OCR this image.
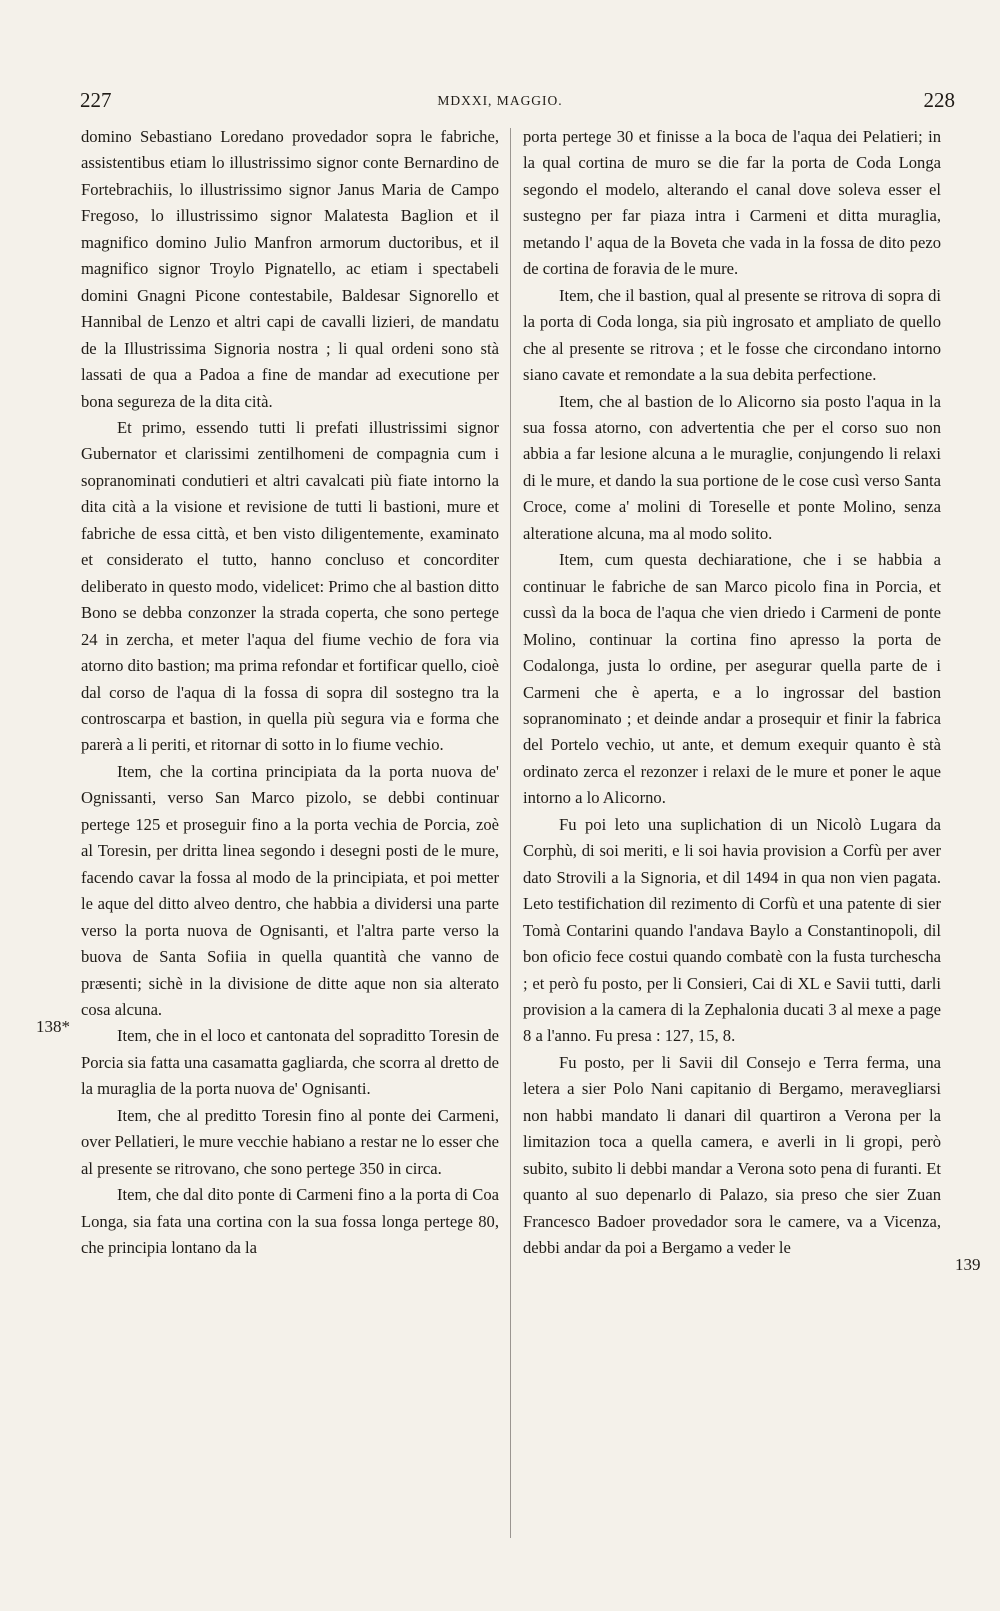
227	MDXXI, MAGGIO.	228
138*
139

domino Sebastiano Loredano provedador sopra le fabriche, assistentibus etiam lo illustrissimo signor conte Bernardino de Fortebrachiis, lo illustrissimo signor Janus Maria de Campo Fregoso, lo illustrissimo signor Malatesta Baglion et il magnifico domino Julio Manfron armorum ductoribus, et il magnifico signor Troylo Pignatello, ac etiam i spectabeli domini Gnagni Picone contestabile, Baldesar Signorello et Hannibal de Lenzo et altri capi de cavalli lizieri, de mandatu de la Illustrissima Signoria nostra ; li qual ordeni sono stà lassati de qua a Padoa a fine de mandar ad executione per bona segureza de la dita cità.

Et primo, essendo tutti li prefati illustrissimi signor Gubernator et clarissimi zentilhomeni de compagnia cum i sopranominati condutieri et altri cavalcati più fiate intorno la dita cità a la visione et revisione de tutti li bastioni, mure et fabriche de essa città, et ben visto diligentemente, examinato et considerato el tutto, hanno concluso et concorditer deliberato in questo modo, videlicet: Primo che al bastion ditto Bono se debba conzonzer la strada coperta, che sono pertege 24 in zercha, et meter l'aqua del fiume vechio de fora via atorno dito bastion; ma prima refondar et fortificar quello, cioè dal corso de l'aqua di la fossa di sopra dil sostegno tra la controscarpa et bastion, in quella più segura via e forma che parerà a li periti, et ritornar di sotto in lo fiume vechio.

Item, che la cortina principiata da la porta nuova de' Ognissanti, verso San Marco pizolo, se debbi continuar pertege 125 et proseguir fino a la porta vechia de Porcia, zoè al Toresin, per dritta linea segondo i desegni posti de le mure, facendo cavar la fossa al modo de la principiata, et poi metter le aque del ditto alveo dentro, che habbia a dividersi una parte verso la porta nuova de Ognisanti, et l'altra parte verso la buova de Santa Sofiia in quella quantità che vanno de præsenti; sichè in la divisione de ditte aque non sia alterato cosa alcuna.

Item, che in el loco et cantonata del sopraditto Toresin de Porcia sia fatta una casamatta gagliarda, che scorra al dretto de la muraglia de la porta nuova de' Ognisanti.

Item, che al preditto Toresin fino al ponte dei Carmeni, over Pellatieri, le mure vecchie habiano a restar ne lo esser che al presente se ritrovano, che sono pertege 350 in circa.

Item, che dal dito ponte di Carmeni fino a la porta di Coa Longa, sia fata una cortina con la sua fossa longa pertege 80, che principia lontano da la

porta pertege 30 et finisse a la boca de l'aqua dei Pelatieri; in la qual cortina de muro se die far la porta de Coda Longa segondo el modelo, alterando el canal dove soleva esser el sustegno per far piaza intra i Carmeni et ditta muraglia, metando l' aqua de la Boveta che vada in la fossa de dito pezo de cortina de foravia de le mure.

Item, che il bastion, qual al presente se ritrova di sopra di la porta di Coda longa, sia più ingrosato et ampliato de quello che al presente se ritrova ; et le fosse che circondano intorno siano cavate et remondate a la sua debita perfectione.

Item, che al bastion de lo Alicorno sia posto l'aqua in la sua fossa atorno, con advertentia che per el corso suo non abbia a far lesione alcuna a le muraglie, conjungendo li relaxi di le mure, et dando la sua portione de le cose cusì verso Santa Croce, come a' molini di Toreselle et ponte Molino, senza alteratione alcuna, ma al modo solito.

Item, cum questa dechiaratione, che i se habbia a continuar le fabriche de san Marco picolo fina in Porcia, et cussì da la boca de l'aqua che vien driedo i Carmeni de ponte Molino, continuar la cortina fino apresso la porta de Codalonga, justa lo ordine, per asegurar quella parte de i Carmeni che è aperta, e a lo ingrossar del bastion sopranominato ; et deinde andar a prosequir et finir la fabrica del Portelo vechio, ut ante, et demum exequir quanto è stà ordinato zerca el rezonzer i relaxi de le mure et poner le aque intorno a lo Alicorno.

Fu poi leto una suplichation di un Nicolò Lugara da Corphù, di soi meriti, e li soi havia provision a Corfù per aver dato Strovili a la Signoria, et dil 1494 in qua non vien pagata. Leto testifichation dil rezimento di Corfù et una patente di sier Tomà Contarini quando l'andava Baylo a Constantinopoli, dil bon oficio fece costui quando combatè con la fusta turchescha ; et però fu posto, per li Consieri, Cai di XL e Savii tutti, darli provision a la camera di la Zephalonia ducati 3 al mexe a page 8 a l'anno. Fu presa : 127, 15, 8.

Fu posto, per li Savii dil Consejo e Terra ferma, una letera a sier Polo Nani capitanio di Bergamo, meravegliarsi non habbi mandato li danari dil quartiron a Verona per la limitazion toca a quella camera, e averli in li gropi, però subito, subito li debbi mandar a Verona soto pena di furanti. Et quanto al suo depenarlo di Palazo, sia preso che sier Zuan Francesco Badoer provedador sora le camere, va a Vicenza, debbi andar da poi a Bergamo a veder le
